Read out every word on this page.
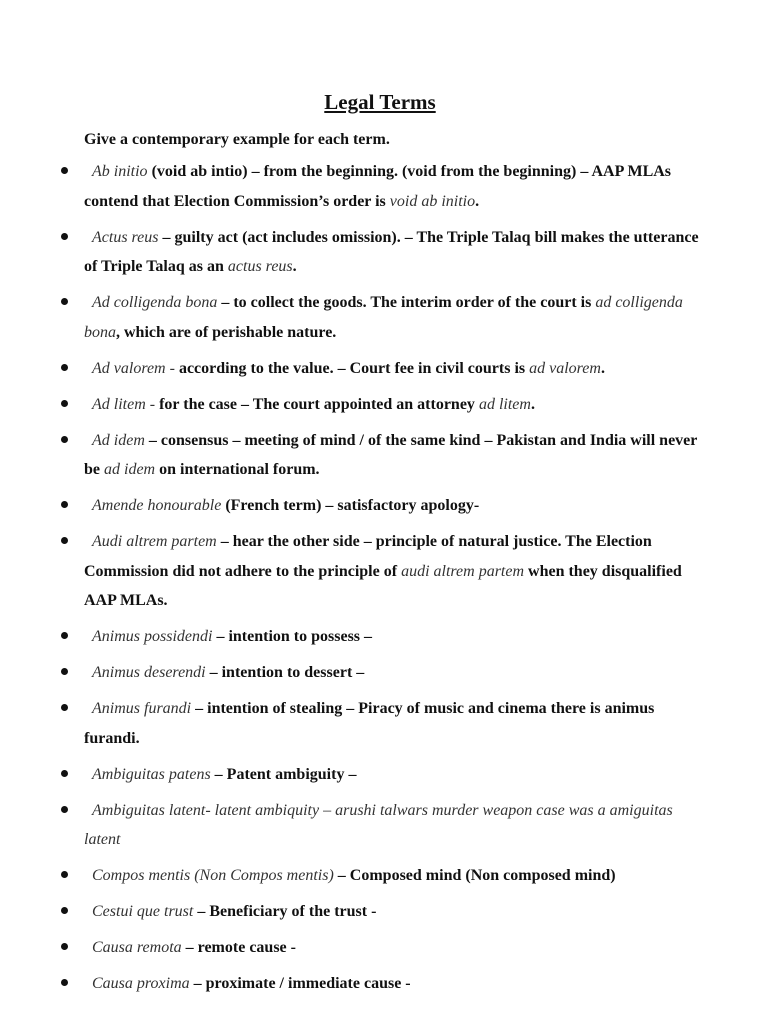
Legal Terms
Give a contemporary example for each term.
Ab initio (void ab intio) – from the beginning. (void from the beginning) – AAP MLAs contend that Election Commission’s order is void ab initio.
Actus reus – guilty act (act includes omission). – The Triple Talaq bill makes the utterance of Triple Talaq as an actus reus.
Ad colligenda bona – to collect the goods. The interim order of the court is ad colligenda bona, which are of perishable nature.
Ad valorem - according to the value. – Court fee in civil courts is ad valorem.
Ad litem - for the case – The court appointed an attorney ad litem.
Ad idem – consensus – meeting of mind / of the same kind – Pakistan and India will never be ad idem on international forum.
Amende honourable (French term) – satisfactory apology-
Audi altrem partem – hear the other side – principle of natural justice. The Election Commission did not adhere to the principle of audi altrem partem when they disqualified AAP MLAs.
Animus possidendi – intention to possess –
Animus deserendi – intention to dessert –
Animus furandi – intention of stealing – Piracy of music and cinema there is animus furandi.
Ambiguitas patens – Patent ambiguity –
Ambiguitas latent- latent ambiquity – arushi talwars murder weapon case was a amiguitas latent
Compos mentis (Non Compos mentis) – Composed mind (Non composed mind)
Cestui que trust – Beneficiary of the trust -
Causa remota – remote cause -
Causa proxima – proximate / immediate cause -
